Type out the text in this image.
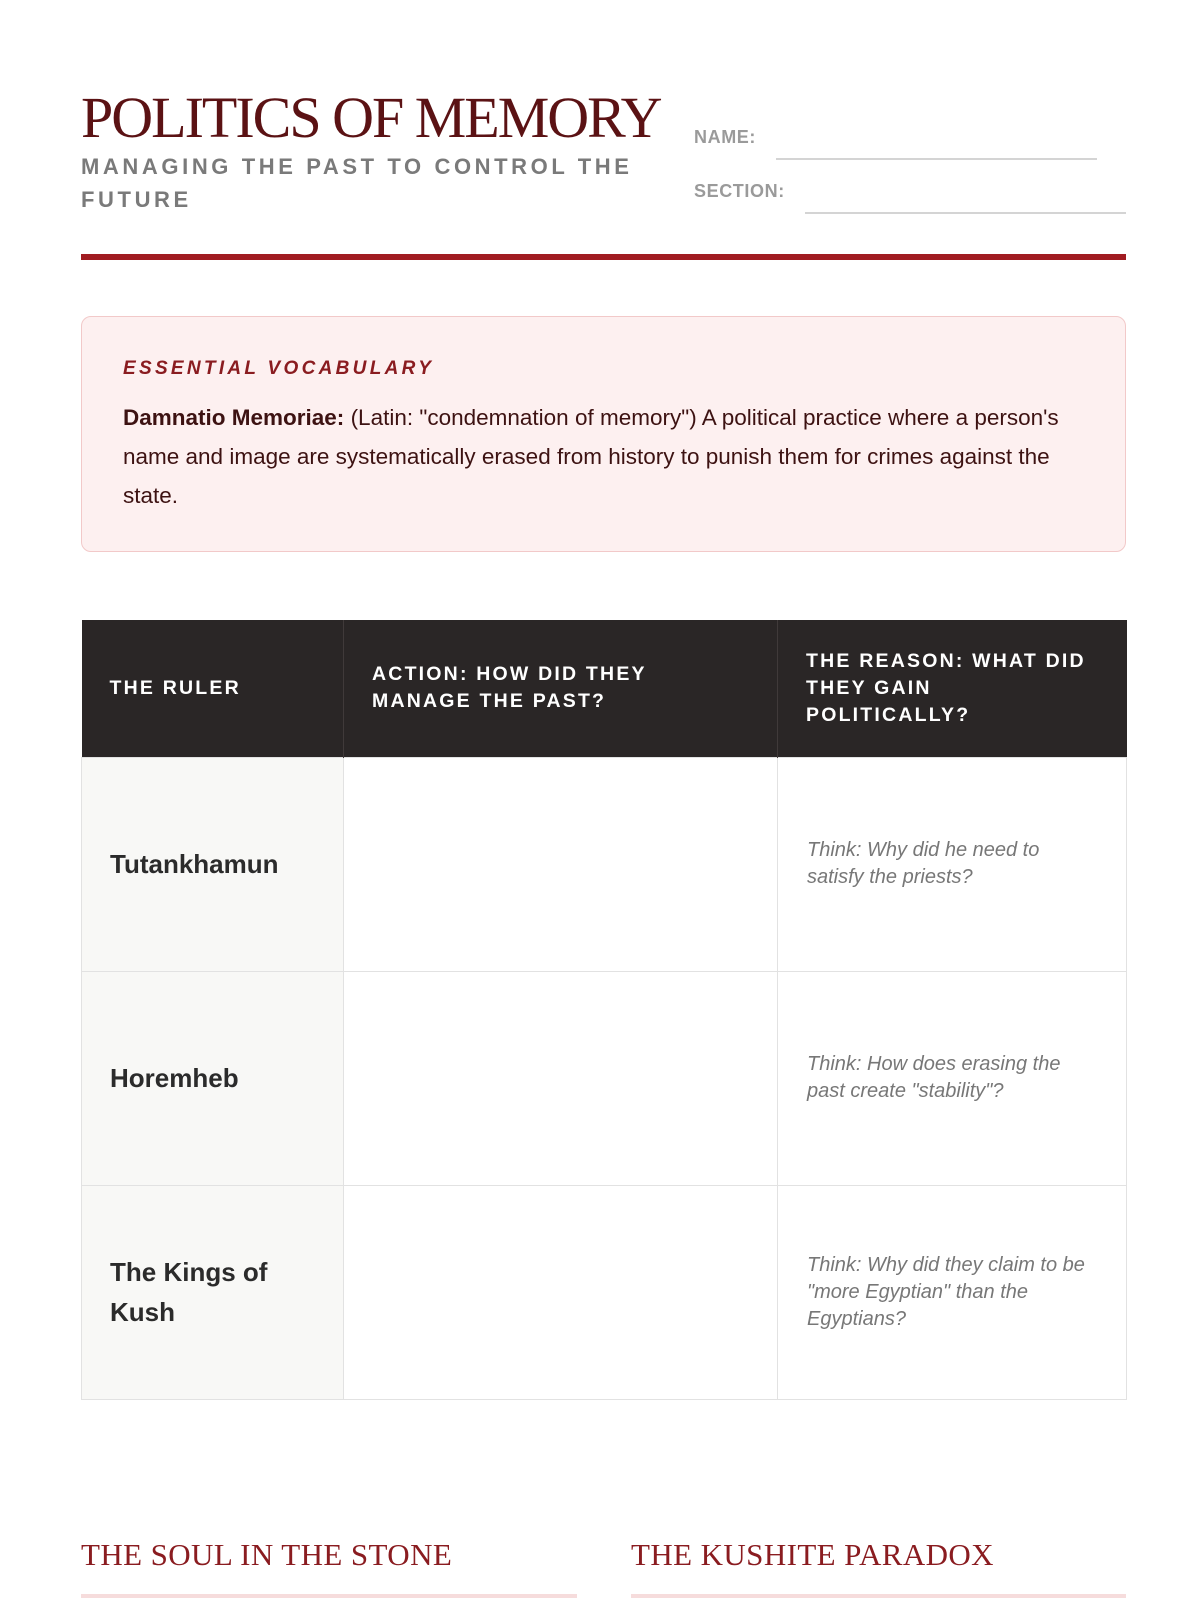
POLITICS OF MEMORY
MANAGING THE PAST TO CONTROL THE FUTURE
NAME:
SECTION:
ESSENTIAL VOCABULARY

Damnatio Memoriae: (Latin: "condemnation of memory") A political practice where a person's name and image are systematically erased from history to punish them for crimes against the state.

THE RULER	ACTION: HOW DID THEY MANAGE THE PAST?	THE REASON: WHAT DID THEY GAIN POLITICALLY?
Tutankhamun		Think: Why did he need to satisfy the priests?
Horemheb		Think: How does erasing the past create "stability"?
The Kings of Kush		Think: Why did they claim to be "more Egyptian" than the Egyptians?
THE SOUL IN THE STONE	THE KUSHITE PARADOX
